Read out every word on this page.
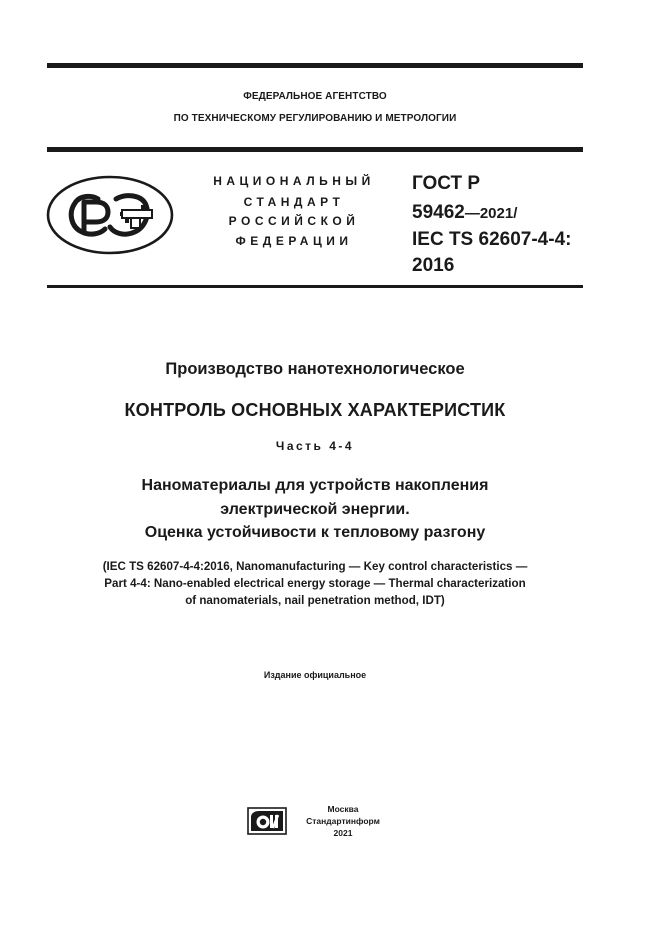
ФЕДЕРАЛЬНОЕ АГЕНТСТВО
ПО ТЕХНИЧЕСКОМУ РЕГУЛИРОВАНИЮ И МЕТРОЛОГИИ
НАЦИОНАЛЬНЫЙ
СТАНДАРТ
РОССИЙСКОЙ
ФЕДЕРАЦИИ
ГОСТ Р
59462—2021/
IEC TS 62607-4-4:
2016
Производство нанотехнологическое
КОНТРОЛЬ ОСНОВНЫХ ХАРАКТЕРИСТИК
Часть 4-4
Наноматериалы для устройств накопления
электрической энергии.
Оценка устойчивости к тепловому разгону
(IEC TS 62607-4-4:2016, Nanomanufacturing — Key control characteristics —
Part 4-4: Nano-enabled electrical energy storage — Thermal characterization
of nanomaterials, nail penetration method, IDT)
Издание официальное
Москва
Стандартинформ
2021
